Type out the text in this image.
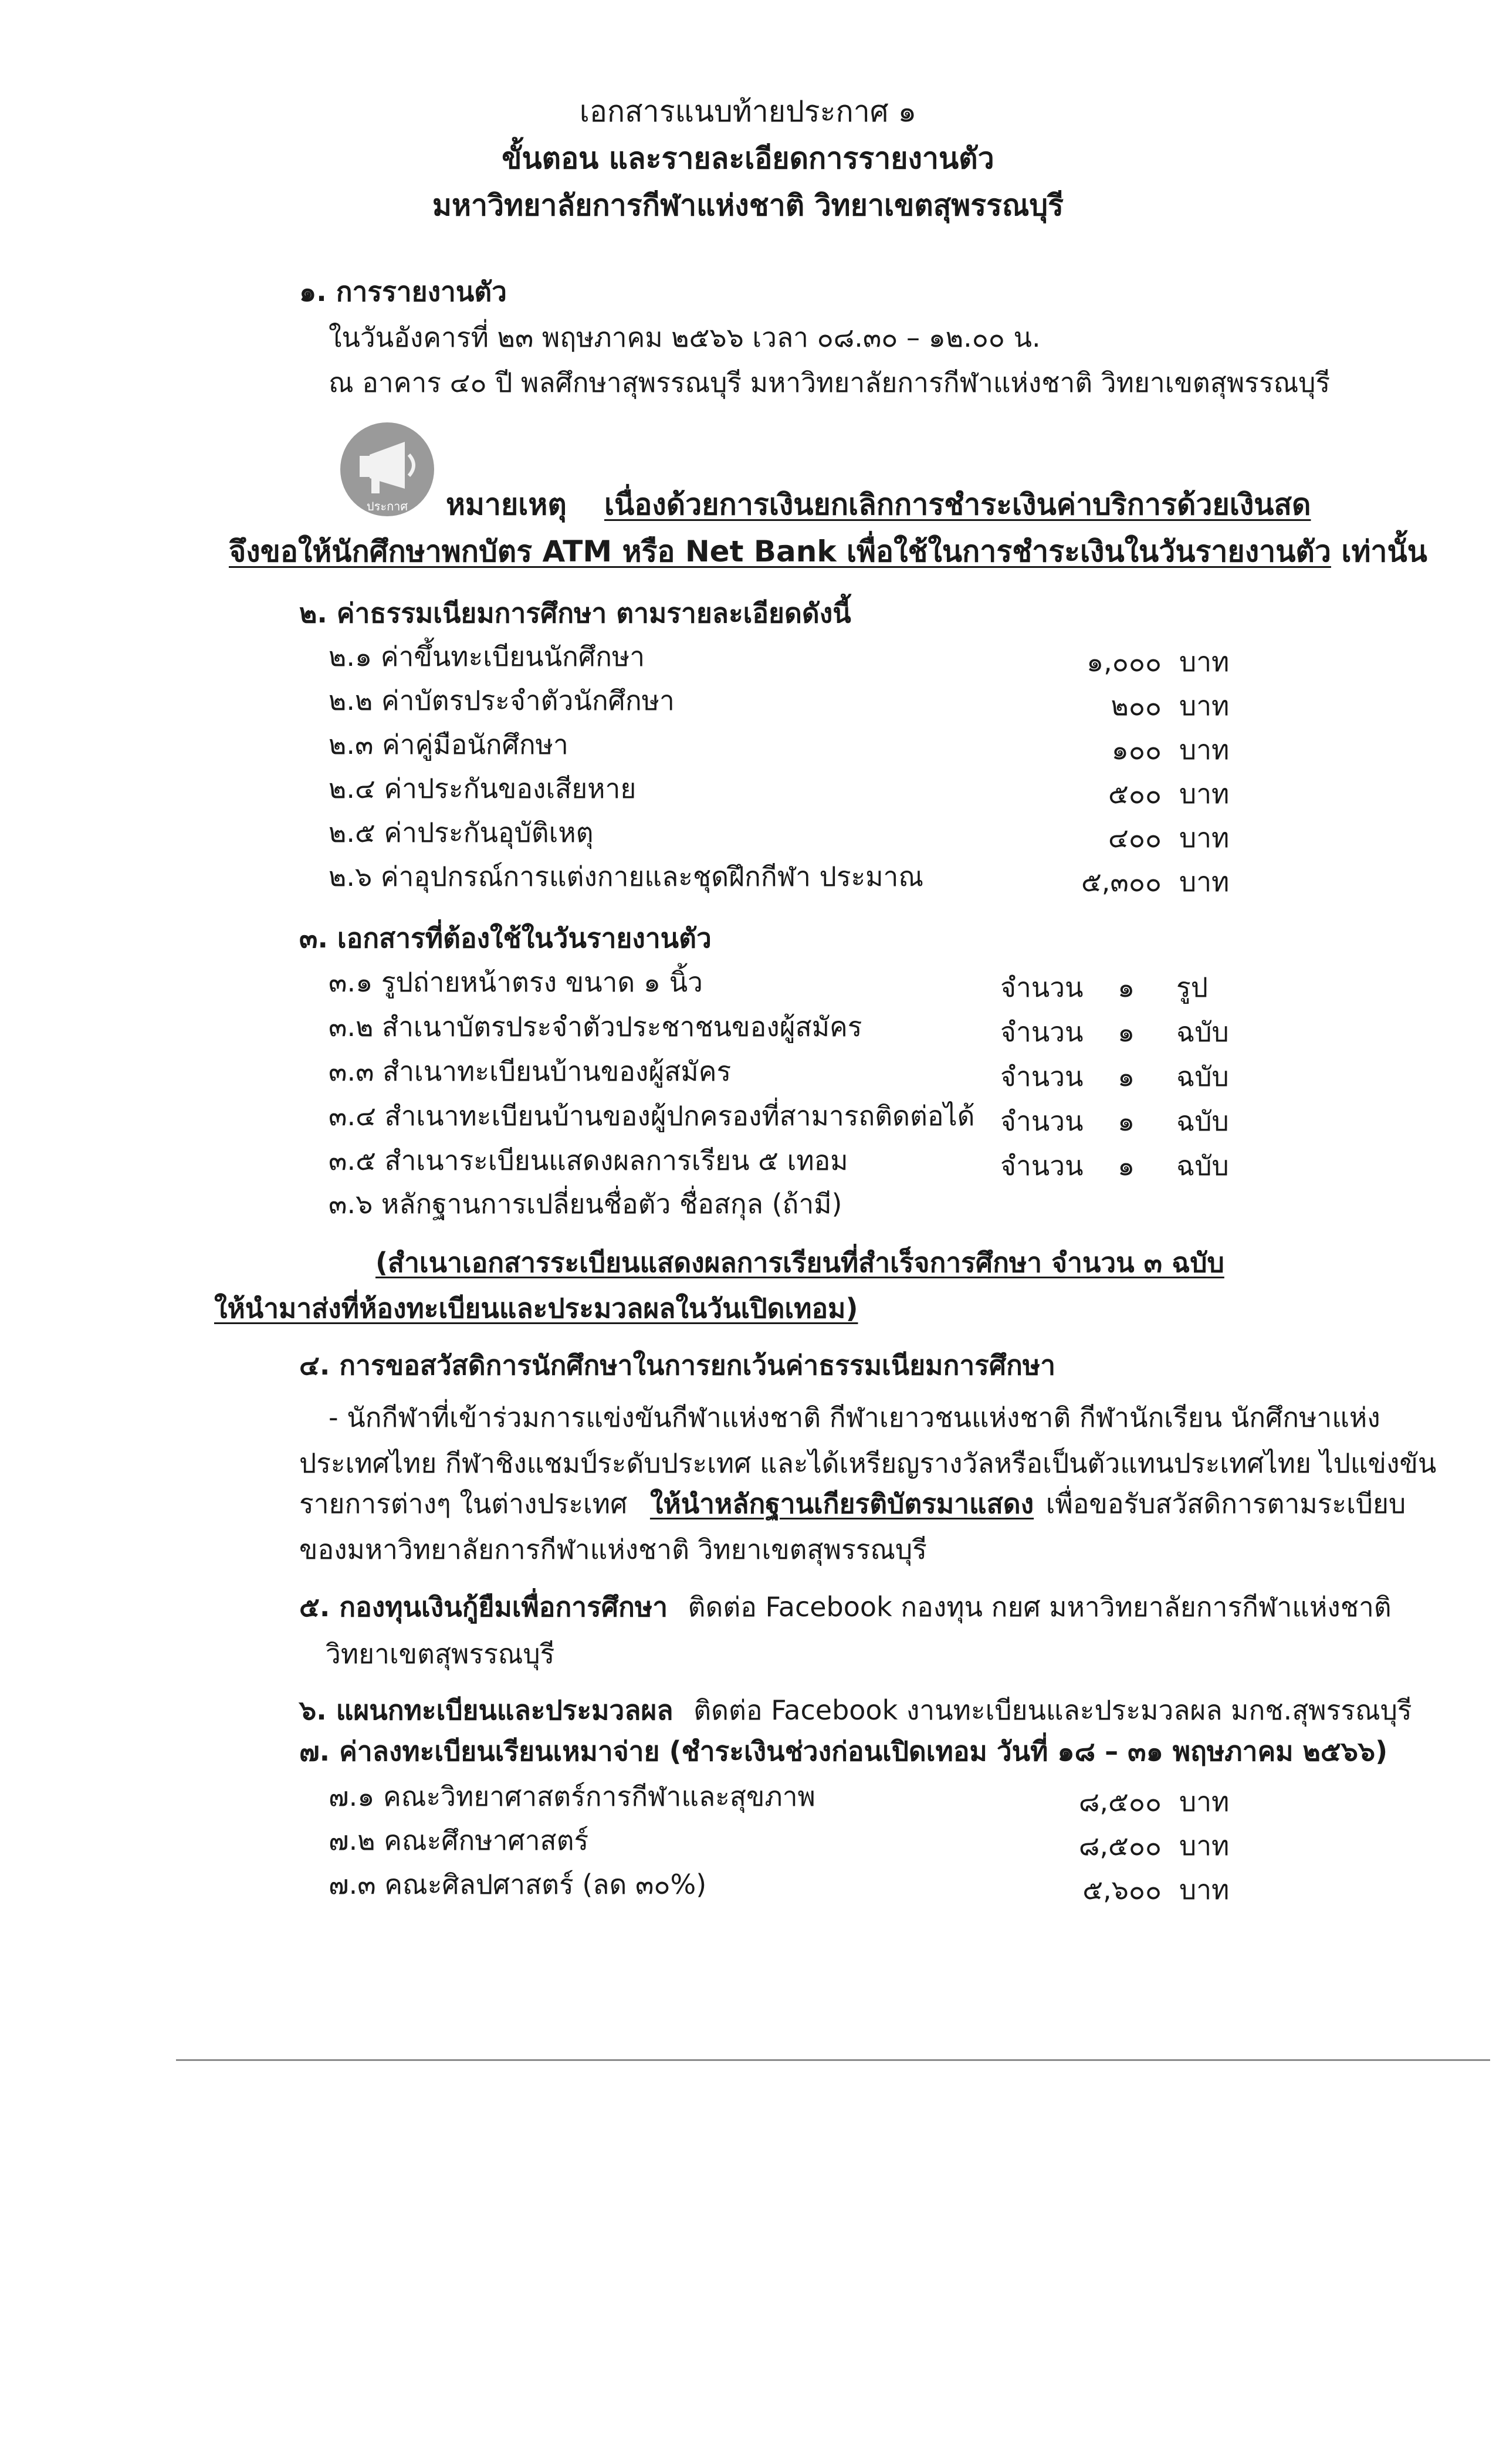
เอกสารแนบท้ายประกาศ ๑
ขั้นตอน และรายละเอียดการรายงานตัว
มหาวิทยาลัยการกีฬาแห่งชาติ วิทยาเขตสุพรรณบุรี
๑. การรายงานตัว
ในวันอังคารที่ ๒๓ พฤษภาคม ๒๕๖๖ เวลา ๐๘.๓๐ – ๑๒.๐๐ น.
ณ อาคาร ๔๐ ปี พลศึกษาสุพรรณบุรี มหาวิทยาลัยการกีฬาแห่งชาติ วิทยาเขตสุพรรณบุรี
ประกาศ หมายเหตุ เนื่องด้วยการเงินยกเลิกการชำระเงินค่าบริการด้วยเงินสด
จึงขอให้นักศึกษาพกบัตร ATM หรือ Net Bank เพื่อใช้ในการชำระเงินในวันรายงานตัว เท่านั้น
๒. ค่าธรรมเนียมการศึกษา ตามรายละเอียดดังนี้
๒.๑ ค่าขึ้นทะเบียนนักศึกษา	๑,๐๐๐ บาท
๒.๒ ค่าบัตรประจำตัวนักศึกษา	๒๐๐ บาท
๒.๓ ค่าคู่มือนักศึกษา	๑๐๐ บาท
๒.๔ ค่าประกันของเสียหาย	๕๐๐ บาท
๒.๕ ค่าประกันอุบัติเหตุ	๔๐๐ บาท
๒.๖ ค่าอุปกรณ์การแต่งกายและชุดฝึกกีฬา ประมาณ	๕,๓๐๐ บาท
๓. เอกสารที่ต้องใช้ในวันรายงานตัว
๓.๑ รูปถ่ายหน้าตรง ขนาด ๑ นิ้ว	จำนวน ๑ รูป
๓.๒ สำเนาบัตรประจำตัวประชาชนของผู้สมัคร	จำนวน ๑ ฉบับ
๓.๓ สำเนาทะเบียนบ้านของผู้สมัคร	จำนวน ๑ ฉบับ
๓.๔ สำเนาทะเบียนบ้านของผู้ปกครองที่สามารถติดต่อได้ จำนวน ๑ ฉบับ
๓.๕ สำเนาระเบียนแสดงผลการเรียน ๕ เทอม	จำนวน ๑ ฉบับ
๓.๖ หลักฐานการเปลี่ยนชื่อตัว ชื่อสกุล (ถ้ามี)
(สำเนาเอกสารระเบียนแสดงผลการเรียนที่สำเร็จการศึกษา จำนวน ๓ ฉบับ
ให้นำมาส่งที่ห้องทะเบียนและประมวลผลในวันเปิดเทอม)
๔. การขอสวัสดิการนักศึกษาในการยกเว้นค่าธรรมเนียมการศึกษา
- นักกีฬาที่เข้าร่วมการแข่งขันกีฬาแห่งชาติ กีฬาเยาวชนแห่งชาติ กีฬานักเรียน นักศึกษาแห่ง
ประเทศไทย กีฬาชิงแชมป์ระดับประเทศ และได้เหรียญรางวัลหรือเป็นตัวแทนประเทศไทย ไปแข่งขัน
รายการต่างๆ ในต่างประเทศ ให้นำหลักฐานเกียรติบัตรมาแสดง เพื่อขอรับสวัสดิการตามระเบียบ
ของมหาวิทยาลัยการกีฬาแห่งชาติ วิทยาเขตสุพรรณบุรี
๕. กองทุนเงินกู้ยืมเพื่อการศึกษา ติดต่อ Facebook กองทุน กยศ มหาวิทยาลัยการกีฬาแห่งชาติ
วิทยาเขตสุพรรณบุรี
๖. แผนกทะเบียนและประมวลผล ติดต่อ Facebook งานทะเบียนและประมวลผล มกช.สุพรรณบุรี
๗. ค่าลงทะเบียนเรียนเหมาจ่าย (ชำระเงินช่วงก่อนเปิดเทอม วันที่ ๑๘ – ๓๑ พฤษภาคม ๒๕๖๖)
๗.๑ คณะวิทยาศาสตร์การกีฬาและสุขภาพ	๘,๕๐๐ บาท
๗.๒ คณะศึกษาศาสตร์	๘,๕๐๐ บาท
๗.๓ คณะศิลปศาสตร์ (ลด ๓๐%)	๕,๖๐๐ บาท
